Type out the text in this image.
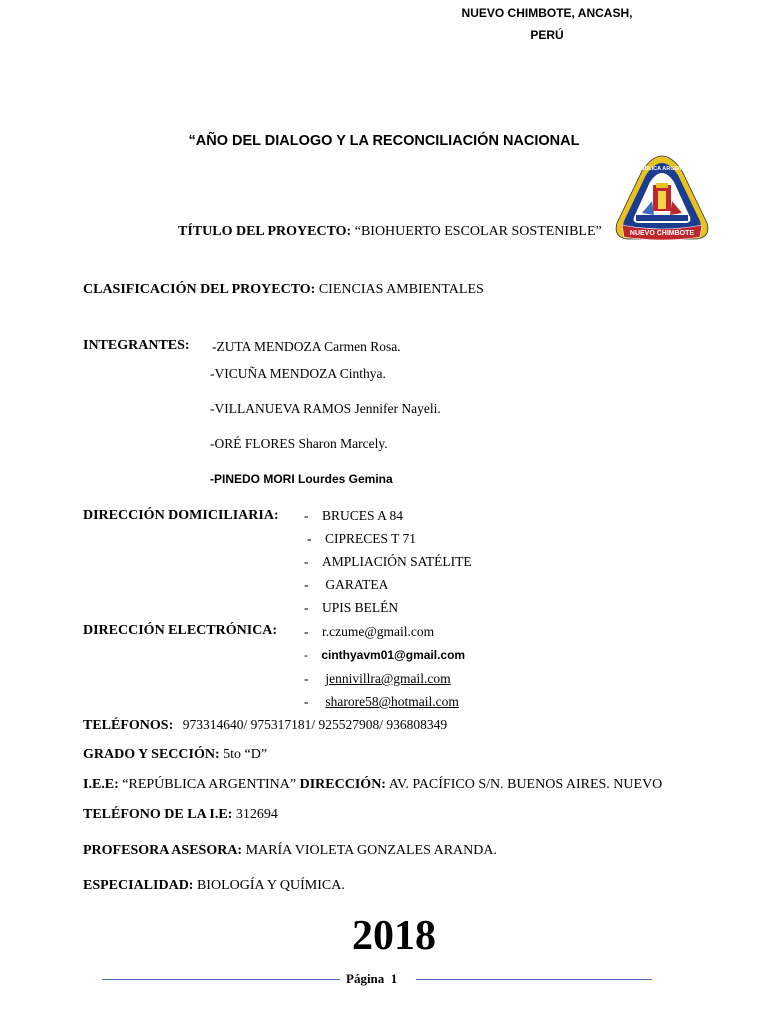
NUEVO CHIMBOTE, ANCASH,
PERÚ
“AÑO DEL DIALOGO Y LA RECONCILIACIÓN NACIONAL
NUEVO CHIMBOTE
REPÚBLICA ARGENTINA
TÍTULO DEL PROYECTO: “BIOHUERTO ESCOLAR SOSTENIBLE”
CLASIFICACIÓN DEL PROYECTO: CIENCIAS AMBIENTALES
INTEGRANTES: -ZUTA MENDOZA Carmen Rosa.
-VICUÑA MENDOZA Cinthya.
-VILLANUEVA RAMOS Jennifer Nayeli.
-ORÉ FLORES Sharon Marcely.
-PINEDO MORI Lourdes Gemina
DIRECCIÓN DOMICILIARIA: -    BRUCES A 84
-    CIPRECES T 71
-    AMPLIACIÓN SATÉLITE
-     GARATEA
-    UPIS BELÉN
DIRECCIÓN ELECTRÓNICA: -    r.czume@gmail.com
-    cinthyavm01@gmail.com
-     jennivillra@gmail.com
-     sharore58@hotmail.com
TELÉFONOS: 973314640/ 975317181/ 925527908/ 936808349
GRADO Y SECCIÓN: 5to “D”
I.E.E: “REPÚBLICA ARGENTINA” DIRECCIÓN: AV. PACÍFICO S/N. BUENOS AIRES. NUEVO
TELÉFONO DE LA I.E: 312694
PROFESORA ASESORA: MARÍA VIOLETA GONZALES ARANDA.
ESPECIALIDAD: BIOLOGÍA Y QUÍMICA.
2018
Página 1
